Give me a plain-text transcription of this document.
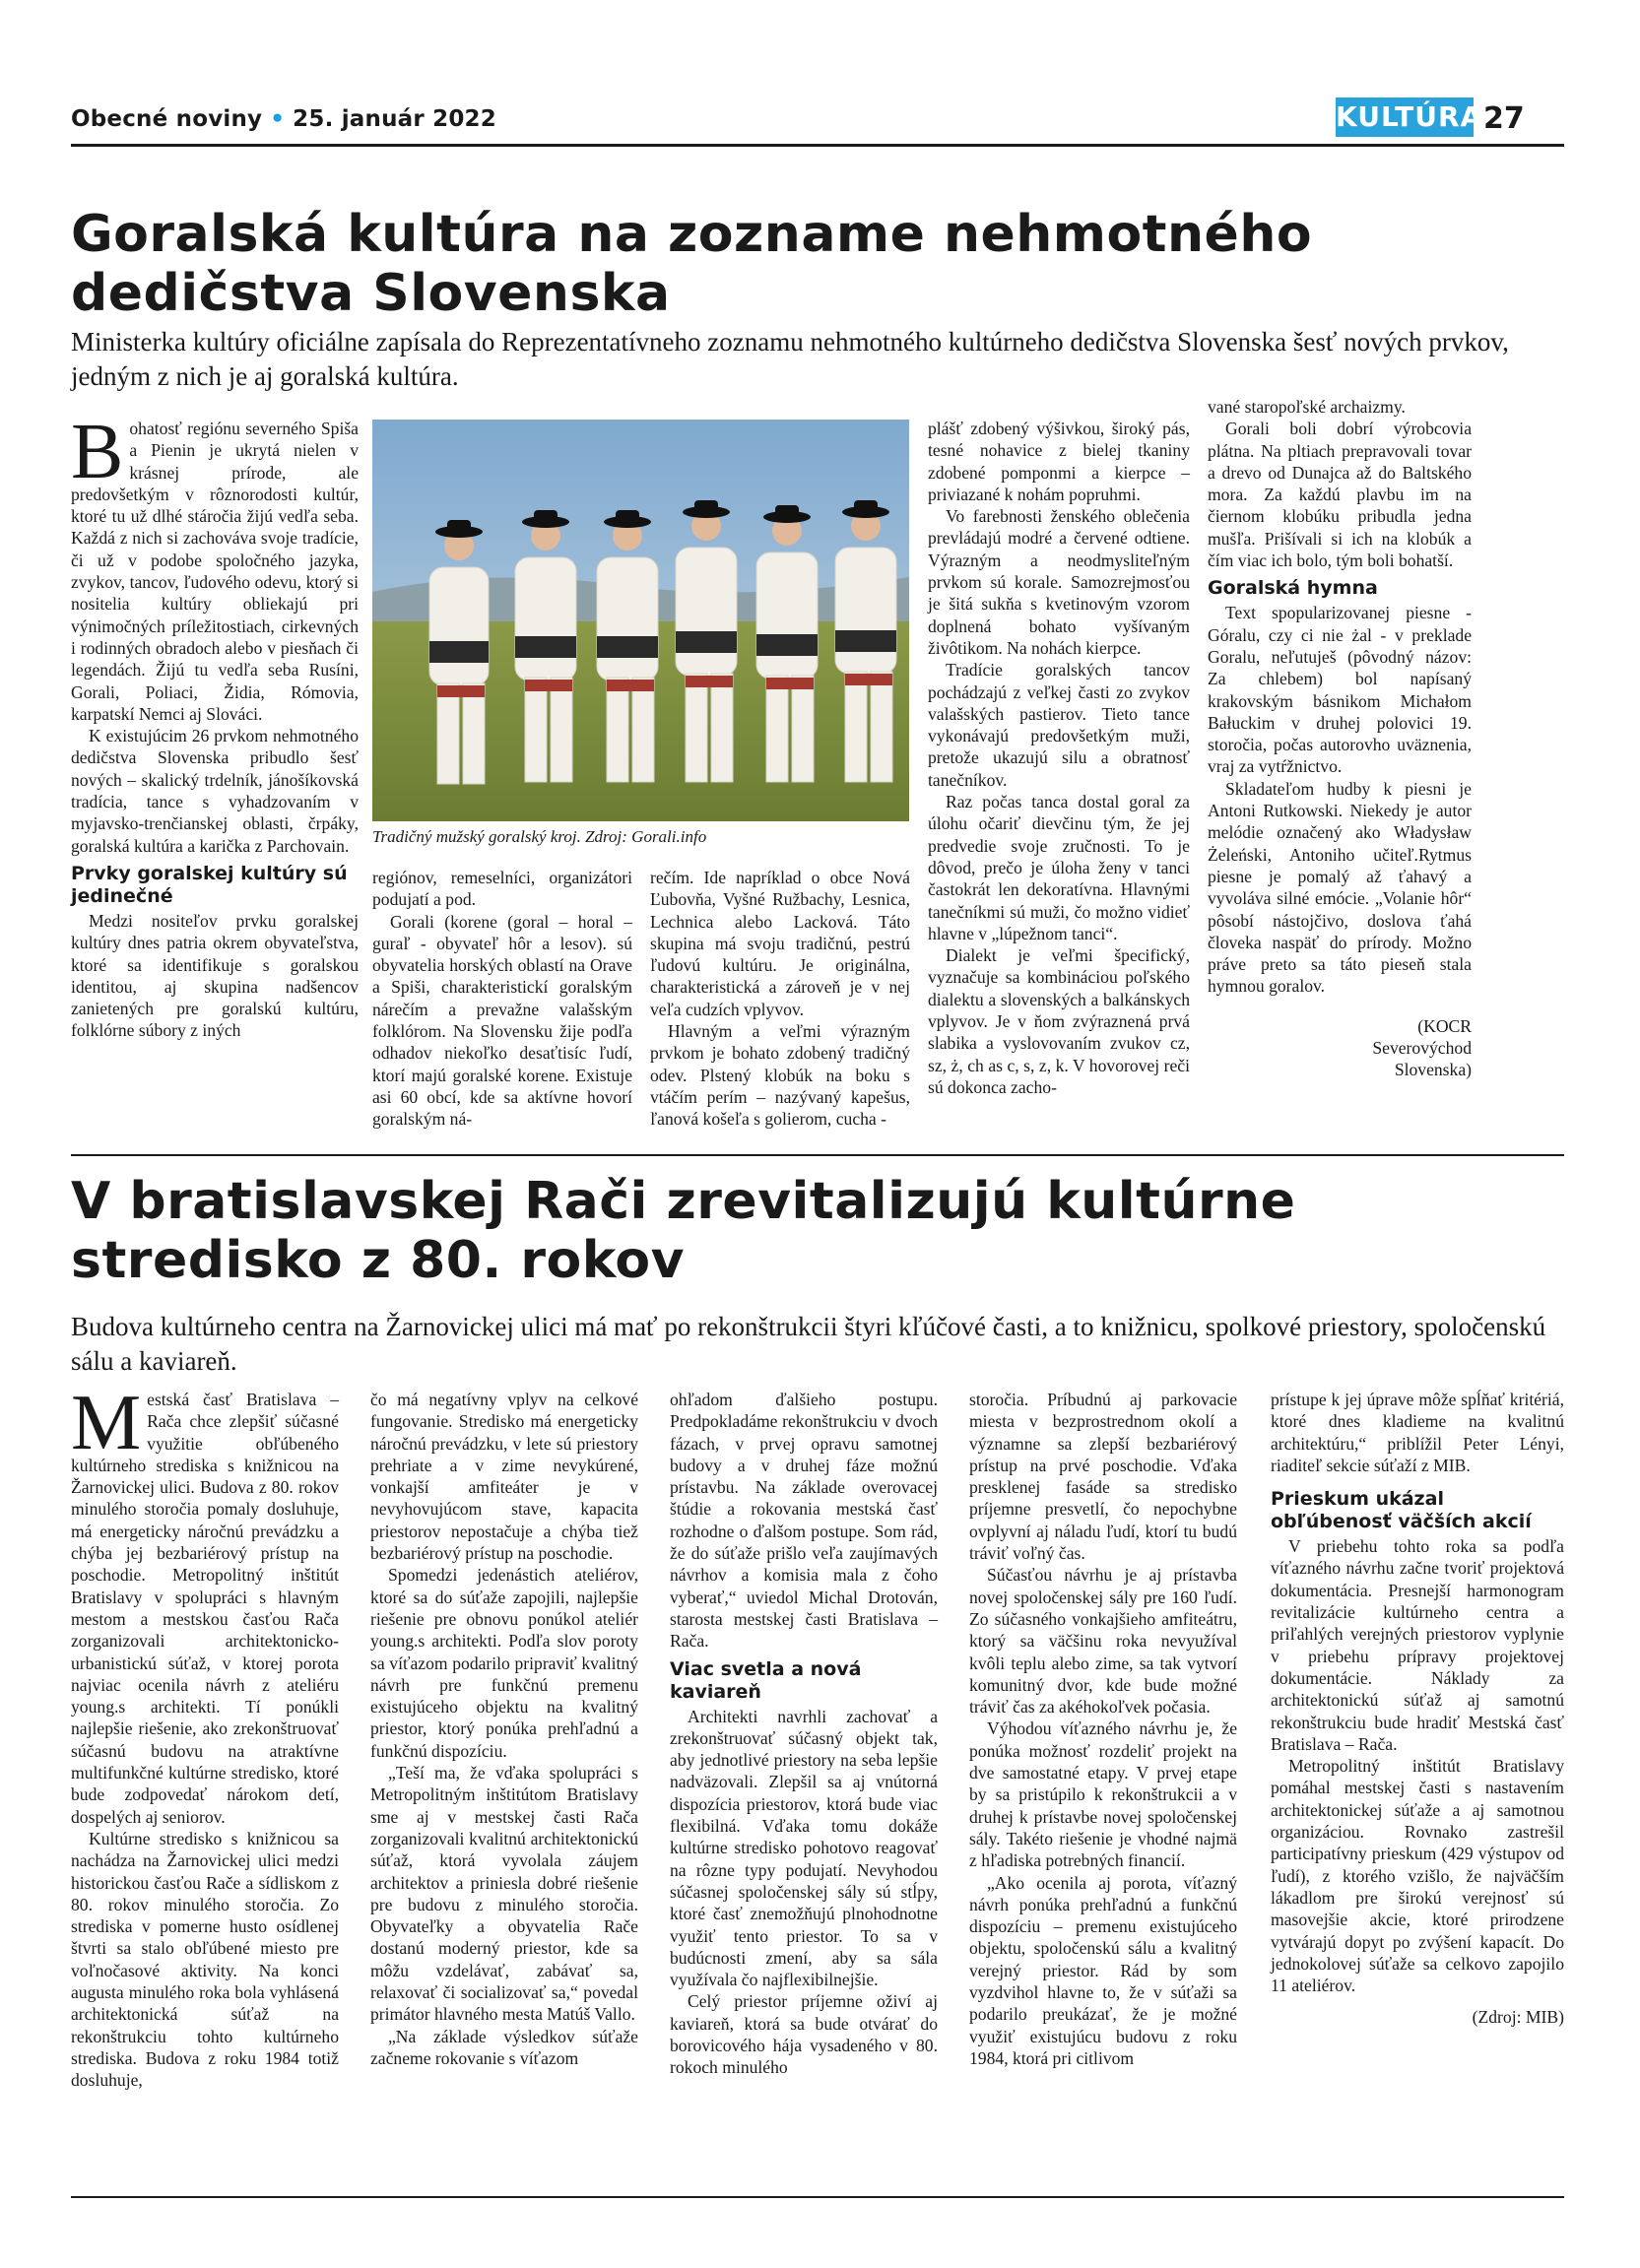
Obecné noviny • 25. január 2022	KULTÚRA 27
Goralská kultúra na zozname nehmotného dedičstva Slovenska
Ministerka kultúry oficiálne zapísala do Reprezentatívneho zoznamu nehmotného kultúrneho dedičstva Slovenska šesť nových prvkov, jedným z nich je aj goralská kultúra.

Bohatosť regiónu severného Spiša a Pienin je ukrytá nielen v krásnej prírode, ale predovšetkým v rôznorodosti kultúr, ktoré tu už dlhé stáročia žijú vedľa seba. Každá z nich si zachováva svoje tradície, či už v podobe spoločného jazyka, zvykov, tancov, ľudového odevu, ktorý si nositelia kultúry obliekajú pri výnimočných príležitostiach, cirkevných i rodinných obradoch alebo v piesňach či legendách. Žijú tu vedľa seba Rusíni, Gorali, Poliaci, Židia, Rómovia, karpatskí Nemci aj Slováci.

K existujúcim 26 prvkom nehmotného dedičstva Slovenska pribudlo šesť nových – skalický trdelník, jánošíkovská tradícia, tance s vyhadzovaním v myjavsko-trenčianskej oblasti, črpáky, goralská kultúra a karička z Parchovain.

Prvky goralskej kultúry sú jedinečné

Medzi nositeľov prvku goralskej kultúry dnes patria okrem obyvateľstva, ktoré sa identifikuje s goralskou identitou, aj skupina nadšencov zanietených pre goralskú kultúru, folklórne súbory z iných

Tradičný mužský goralský kroj. Zdroj: Gorali.info

regiónov, remeselníci, organizátori podujatí a pod.

Gorali (korene (goral – horal – guraľ - obyvateľ hôr a lesov). sú obyvatelia horských oblastí na Orave a Spiši, charakteristickí goralským nárečím a prevažne valašským folklórom. Na Slovensku žije podľa odhadov niekoľko desaťtisíc ľudí, ktorí majú goralské korene. Existuje asi 60 obcí, kde sa aktívne hovorí goralským ná-

rečím. Ide napríklad o obce Nová Ľubovňa, Vyšné Ružbachy, Lesnica, Lechnica alebo Lacková. Táto skupina má svoju tradičnú, pestrú ľudovú kultúru. Je originálna, charakteristická a zároveň je v nej veľa cudzích vplyvov.

Hlavným a veľmi výrazným prvkom je bohato zdobený tradičný odev. Plstený klobúk na boku s vtáčím perím – nazývaný kapešus, ľanová košeľa s golierom, cucha -

plášť zdobený výšivkou, široký pás, tesné nohavice z bielej tkaniny zdobené pomponmi a kierpce – priviazané k nohám popruhmi.

Vo farebnosti ženského oblečenia prevládajú modré a červené odtiene. Výrazným a neodmysliteľným prvkom sú korale. Samozrejmosťou je šitá sukňa s kvetinovým vzorom doplnená bohato vyšívaným živôtikom. Na nohách kierpce.

Tradície goralských tancov pochádzajú z veľkej časti zo zvykov valašských pastierov. Tieto tance vykonávajú predovšetkým muži, pretože ukazujú silu a obratnosť tanečníkov.

Raz počas tanca dostal goral za úlohu očariť dievčinu tým, že jej predvedie svoje zručnosti. To je dôvod, prečo je úloha ženy v tanci častokrát len dekoratívna. Hlavnými tanečníkmi sú muži, čo možno vidieť hlavne v „lúpežnom tanci“.

Dialekt je veľmi špecifický, vyznačuje sa kombináciou poľského dialektu a slovenských a balkánskych vplyvov. Je v ňom zvýraznená prvá slabika a vyslovovaním zvukov cz, sz, ż, ch as c, s, z, k. V hovorovej reči sú dokonca zacho-

vané staropoľské archaizmy.

Gorali boli dobrí výrobcovia plátna. Na pltiach prepravovali tovar a drevo od Dunajca až do Baltského mora. Za každú plavbu im na čiernom klobúku pribudla jedna mušľa. Prišívali si ich na klobúk a čím viac ich bolo, tým boli bohatší.

Goralská hymna

Text spopularizovanej piesne - Góralu, czy ci nie żal - v preklade Goralu, neľutuješ (pôvodný názov: Za chlebem) bol napísaný krakovským básnikom Michałom Bałuckim v druhej polovici 19. storočia, počas autorovho uväznenia, vraj za vytŕžnictvo.

Skladateľom hudby k piesni je Antoni Rutkowski. Niekedy je autor melódie označený ako Władysław Żeleński, Antoniho učiteľ.Rytmus piesne je pomalý až ťahavý a vyvoláva silné emócie. „Volanie hôr“ pôsobí nástojčivo, doslova ťahá človeka naspäť do prírody. Možno práve preto sa táto pieseň stala hymnou goralov.

(KOCR Severovýchod Slovenska)

V bratislavskej Rači zrevitalizujú kultúrne stredisko z 80. rokov
Budova kultúrneho centra na Žarnovickej ulici má mať po rekonštrukcii štyri kľúčové časti, a to knižnicu, spolkové priestory, spoločenskú sálu a kaviareň.

Mestská časť Bratislava – Rača chce zlepšiť súčasné využitie obľúbeného kultúrneho strediska s knižnicou na Žarnovickej ulici. Budova z 80. rokov minulého storočia pomaly dosluhuje, má energeticky náročnú prevádzku a chýba jej bezbariérový prístup na poschodie. Metropolitný inštitút Bratislavy v spolupráci s hlavným mestom a mestskou časťou Rača zorganizovali architektonicko-urbanistickú súťaž, v ktorej porota najviac ocenila návrh z ateliéru young.s architekti. Tí ponúkli najlepšie riešenie, ako zrekonštruovať súčasnú budovu na atraktívne multifunkčné kultúrne stredisko, ktoré bude zodpovedať nárokom detí, dospelých aj seniorov.

Kultúrne stredisko s knižnicou sa nachádza na Žarnovickej ulici medzi historickou časťou Rače a sídliskom z 80. rokov minulého storočia. Zo strediska v pomerne husto osídlenej štvrti sa stalo obľúbené miesto pre voľnočasové aktivity. Na konci augusta minulého roka bola vyhlásená architektonická súťaž na rekonštrukciu tohto kultúrneho strediska. Budova z roku 1984 totiž dosluhuje,

čo má negatívny vplyv na celkové fungovanie. Stredisko má energeticky náročnú prevádzku, v lete sú priestory prehriate a v zime nevykúrené, vonkajší amfiteáter je v nevyhovujúcom stave, kapacita priestorov nepostačuje a chýba tiež bezbariérový prístup na poschodie.

Spomedzi jedenástich ateliérov, ktoré sa do súťaže zapojili, najlepšie riešenie pre obnovu ponúkol ateliér young.s architekti. Podľa slov poroty sa víťazom podarilo pripraviť kvalitný návrh pre funkčnú premenu existujúceho objektu na kvalitný priestor, ktorý ponúka prehľadnú a funkčnú dispozíciu.

„Teší ma, že vďaka spolupráci s Metropolitným inštitútom Bratislavy sme aj v mestskej časti Rača zorganizovali kvalitnú architektonickú súťaž, ktorá vyvolala záujem architektov a priniesla dobré riešenie pre budovu z minulého storočia. Obyvateľky a obyvatelia Rače dostanú moderný priestor, kde sa môžu vzdelávať, zabávať sa, relaxovať či socializovať sa,“ povedal primátor hlavného mesta Matúš Vallo.

„Na základe výsledkov súťaže začneme rokovanie s víťazom

ohľadom ďalšieho postupu. Predpokladáme rekonštrukciu v dvoch fázach, v prvej opravu samotnej budovy a v druhej fáze možnú prístavbu. Na základe overovacej štúdie a rokovania mestská časť rozhodne o ďalšom postupe. Som rád, že do súťaže prišlo veľa zaujímavých návrhov a komisia mala z čoho vyberať,“ uviedol Michal Drotován, starosta mestskej časti Bratislava – Rača.

Viac svetla a nová kaviareň

Architekti navrhli zachovať a zrekonštruovať súčasný objekt tak, aby jednotlivé priestory na seba lepšie nadväzovali. Zlepšil sa aj vnútorná dispozícia priestorov, ktorá bude viac flexibilná. Vďaka tomu dokáže kultúrne stredisko pohotovo reagovať na rôzne typy podujatí. Nevyhodou súčasnej spoločenskej sály sú stĺpy, ktoré časť znemožňujú plnohodnotne využiť tento priestor. To sa v budúcnosti zmení, aby sa sála využívala čo najflexibilnejšie.

Celý priestor príjemne oživí aj kaviareň, ktorá sa bude otvárať do borovicového hája vysadeného v 80. rokoch minulého

storočia. Príbudnú aj parkovacie miesta v bezprostrednom okolí a významne sa zlepší bezbariérový prístup na prvé poschodie. Vďaka presklenej fasáde sa stredisko príjemne presvetlí, čo nepochybne ovplyvní aj náladu ľudí, ktorí tu budú tráviť voľný čas.

Súčasťou návrhu je aj prístavba novej spoločenskej sály pre 160 ľudí. Zo súčasného vonkajšieho amfiteátru, ktorý sa väčšinu roka nevyužíval kvôli teplu alebo zime, sa tak vytvorí komunitný dvor, kde bude možné tráviť čas za akéhokoľvek počasia.

Výhodou víťazného návrhu je, že ponúka možnosť rozdeliť projekt na dve samostatné etapy. V prvej etape by sa pristúpilo k rekonštrukcii a v druhej k prístavbe novej spoločenskej sály. Takéto riešenie je vhodné najmä z hľadiska potrebných financií.

„Ako ocenila aj porota, víťazný návrh ponúka prehľadnú a funkčnú dispozíciu – premenu existujúceho objektu, spoločenskú sálu a kvalitný verejný priestor. Rád by som vyzdvihol hlavne to, že v súťaži sa podarilo preukázať, že je možné využiť existujúcu budovu z roku 1984, ktorá pri citlivom

prístupe k jej úprave môže spĺňať kritériá, ktoré dnes kladieme na kvalitnú architektúru,“ priblížil Peter Lényi, riaditeľ sekcie súťaží z MIB.

Prieskum ukázal obľúbenosť väčších akcií

V priebehu tohto roka sa podľa víťazného návrhu začne tvoriť projektová dokumentácia. Presnejší harmonogram revitalizácie kultúrneho centra a priľahlých verejných priestorov vyplynie v priebehu prípravy projektovej dokumentácie. Náklady za architektonickú súťaž aj samotnú rekonštrukciu bude hradiť Mestská časť Bratislava – Rača.

Metropolitný inštitút Bratislavy pomáhal mestskej časti s nastavením architektonickej súťaže a aj samotnou organizáciou. Rovnako zastrešil participatívny prieskum (429 výstupov od ľudí), z ktorého vzišlo, že najväčším lákadlom pre širokú verejnosť sú masovejšie akcie, ktoré prirodzene vytvárajú dopyt po zvýšení kapacít. Do jednokolovej súťaže sa celkovo zapojilo 11 ateliérov.

(Zdroj: MIB)
